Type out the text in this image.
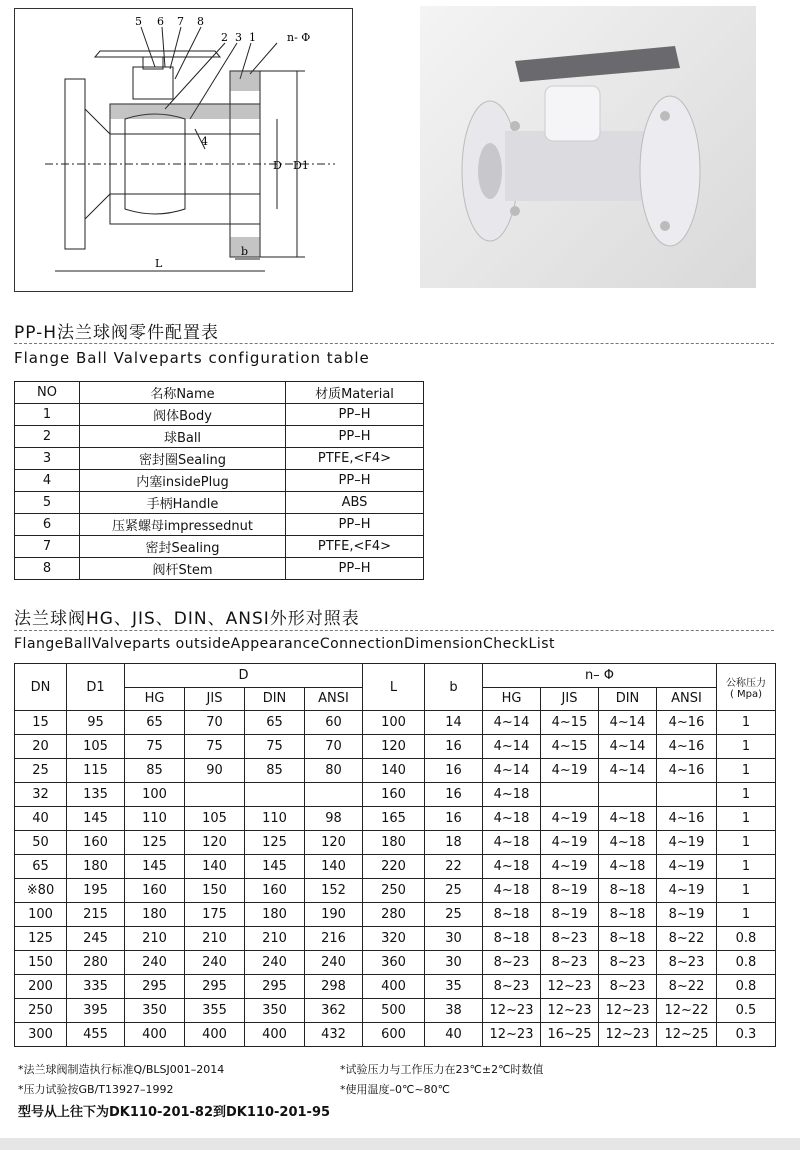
5 6 7 8
2 3 1	n- Φ
4
D D1
b
L
PP-H法兰球阀零件配置表
Flange Ball Valveparts configuration table
NO	名称Name	材质Material
1	阀体Body	PP–H
2	球Ball	PP–H
3	密封圈Sealing	PTFE,<F4>
4	内塞insidePlug	PP–H
5	手柄Handle	ABS
6	压紧螺母impressednut	PP–H
7	密封Sealing	PTFE,<F4>
8	阀杆Stem	PP–H
法兰球阀HG、JIS、DIN、ANSI外形对照表
FlangeBallValveparts outsideAppearanceConnectionDimensionCheckList
DN	D1	D				L	b	n– Φ				公称压力
( Mpa)

		HG	JIS	DIN	ANSI			HG	JIS	DIN	ANSI	
15	95	65	70	65	60	100	14	4~14	4~15	4~14	4~16	1
20	105	75	75	75	70	120	16	4~14	4~15	4~14	4~16	1
25	115	85	90	85	80	140	16	4~14	4~19	4~14	4~16	1
32	135	100				160	16	4~18				1
40	145	110	105	110	98	165	16	4~18	4~19	4~18	4~16	1
50	160	125	120	125	120	180	18	4~18	4~19	4~18	4~19	1
65	180	145	140	145	140	220	22	4~18	4~19	4~18	4~19	1
※80	195	160	150	160	152	250	25	4~18	8~19	8~18	4~19	1
100	215	180	175	180	190	280	25	8~18	8~19	8~18	8~19	1
125	245	210	210	210	216	320	30	8~18	8~23	8~18	8~22	0.8
150	280	240	240	240	240	360	30	8~23	8~23	8~23	8~23	0.8
200	335	295	295	295	298	400	35	8~23	12~23	8~23	8~22	0.8
250	395	350	355	350	362	500	38	12~23	12~23	12~23	12~22	0.5
300	455	400	400	400	432	600	40	12~23	16~25	12~23	12~25	0.3
*法兰球阀制造执行标准Q/BLSJ001–2014	*试验压力与工作压力在23℃±2℃时数值
*压力试验按GB/T13927–1992	*使用温度–0℃~80℃
型号从上往下为DK110-201-82到DK110-201-95
